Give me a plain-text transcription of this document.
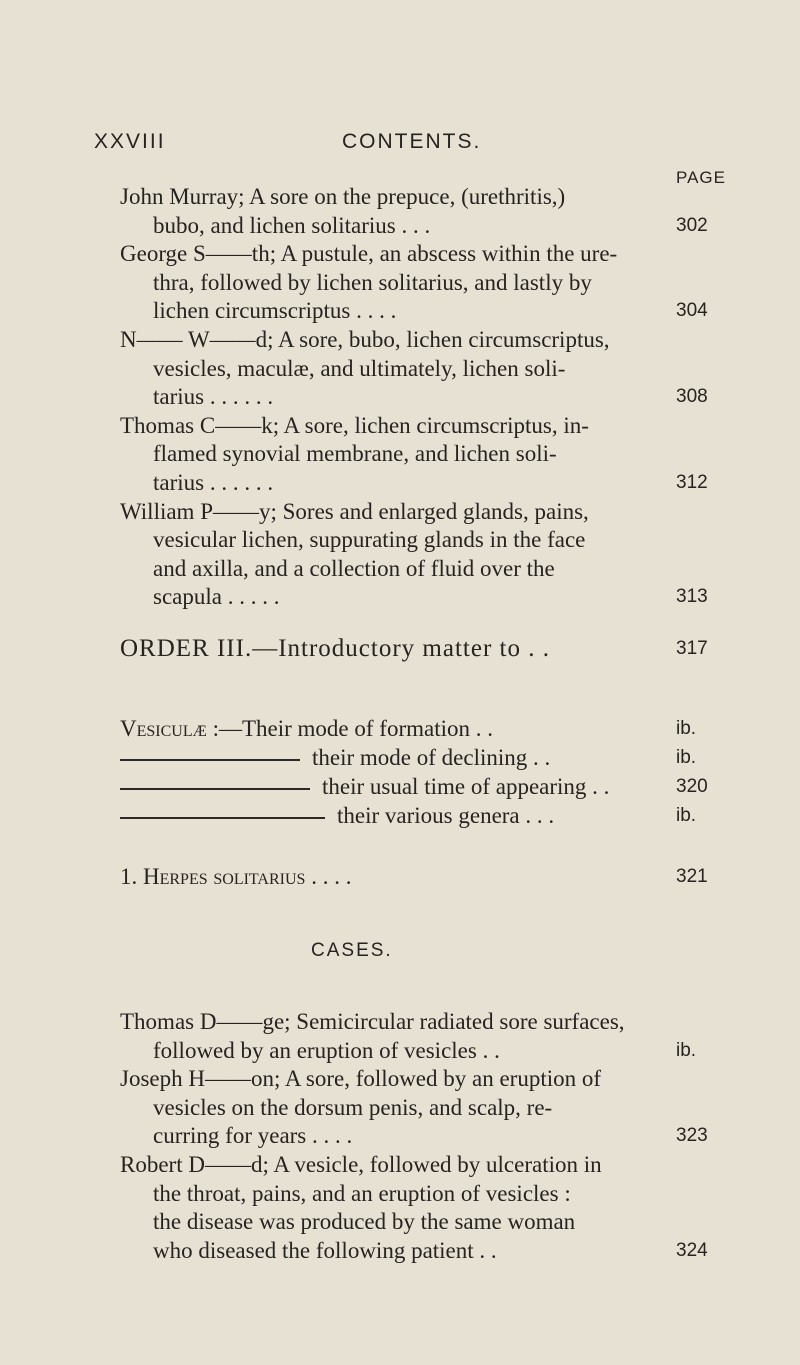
XXVIII	CONTENTS.
PAGE
John Murray; A sore on the prepuce, (urethritis,)
bubo, and lichen solitarius . . .	302
George S——th; A pustule, an abscess within the ure-
thra, followed by lichen solitarius, and lastly by
lichen circumscriptus . . . .	304
N—— W——d; A sore, bubo, lichen circumscriptus,
vesicles, maculæ, and ultimately, lichen soli-
tarius . . . . . .	308
Thomas C——k; A sore, lichen circumscriptus, in-
flamed synovial membrane, and lichen soli-
tarius . . . . . .	312
William P——y; Sores and enlarged glands, pains,
vesicular lichen, suppurating glands in the face
and axilla, and a collection of fluid over the
scapula . . . . .	313
ORDER III.—Introductory matter to . .	317
Vesiculæ :—Their mode of formation . .	ib.
their mode of declining . .	ib.
their usual time of appearing . .	320
their various genera . . .	ib.
1. Herpes solitarius . . . .	321
CASES.
Thomas D——ge; Semicircular radiated sore surfaces,
followed by an eruption of vesicles . .	ib.
Joseph H——on; A sore, followed by an eruption of
vesicles on the dorsum penis, and scalp, re-
curring for years . . . .	323
Robert D——d; A vesicle, followed by ulceration in
the throat, pains, and an eruption of vesicles :
the disease was produced by the same woman
who diseased the following patient . .	324
